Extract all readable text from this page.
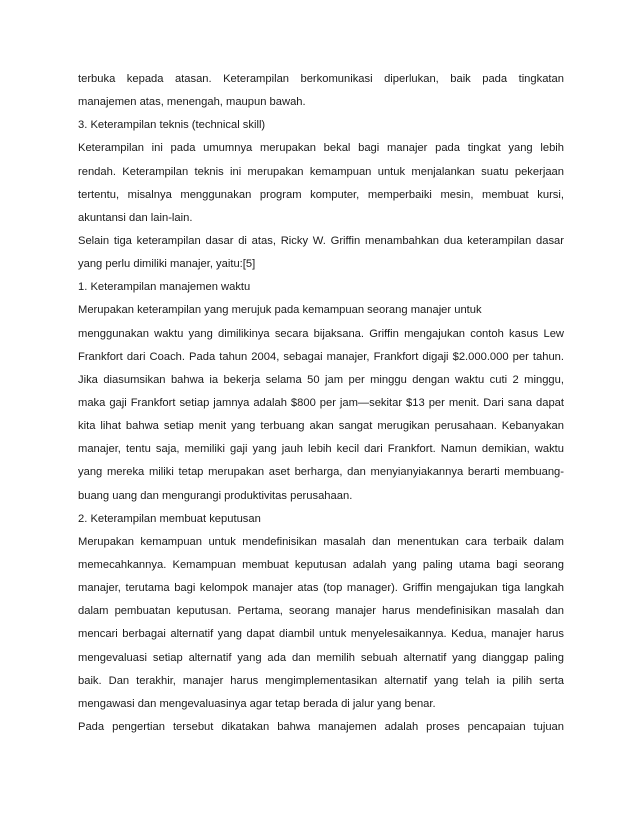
terbuka kepada atasan. Keterampilan berkomunikasi diperlukan, baik pada tingkatan
manajemen atas, menengah, maupun bawah.
3. Keterampilan teknis (technical skill)
Keterampilan ini pada umumnya merupakan bekal bagi manajer pada tingkat yang lebih
rendah. Keterampilan teknis ini merupakan kemampuan untuk menjalankan suatu pekerjaan
tertentu, misalnya menggunakan program komputer, memperbaiki mesin, membuat kursi,
akuntansi dan lain-lain.
Selain tiga keterampilan dasar di atas, Ricky W. Griffin menambahkan dua keterampilan dasar
yang perlu dimiliki manajer, yaitu:[5]
1. Keterampilan manajemen waktu
Merupakan keterampilan yang merujuk pada kemampuan seorang manajer untuk
menggunakan waktu yang dimilikinya secara bijaksana. Griffin mengajukan contoh kasus Lew
Frankfort dari Coach. Pada tahun 2004, sebagai manajer, Frankfort digaji $2.000.000 per tahun.
Jika diasumsikan bahwa ia bekerja selama 50 jam per minggu dengan waktu cuti 2 minggu,
maka gaji Frankfort setiap jamnya adalah $800 per jam—sekitar $13 per menit. Dari sana dapat
kita lihat bahwa setiap menit yang terbuang akan sangat merugikan perusahaan. Kebanyakan
manajer, tentu saja, memiliki gaji yang jauh lebih kecil dari Frankfort. Namun demikian, waktu
yang mereka miliki tetap merupakan aset berharga, dan menyianyiakannya berarti membuang-
buang uang dan mengurangi produktivitas perusahaan.
2. Keterampilan membuat keputusan
Merupakan kemampuan untuk mendefinisikan masalah dan menentukan cara terbaik dalam
memecahkannya. Kemampuan membuat keputusan adalah yang paling utama bagi seorang
manajer, terutama bagi kelompok manajer atas (top manager). Griffin mengajukan tiga langkah
dalam pembuatan keputusan. Pertama, seorang manajer harus mendefinisikan masalah dan
mencari berbagai alternatif yang dapat diambil untuk menyelesaikannya. Kedua, manajer harus
mengevaluasi setiap alternatif yang ada dan memilih sebuah alternatif yang dianggap paling
baik. Dan terakhir, manajer harus mengimplementasikan alternatif yang telah ia pilih serta
mengawasi dan mengevaluasinya agar tetap berada di jalur yang benar.
Pada pengertian tersebut dikatakan bahwa manajemen adalah proses pencapaian tujuan
